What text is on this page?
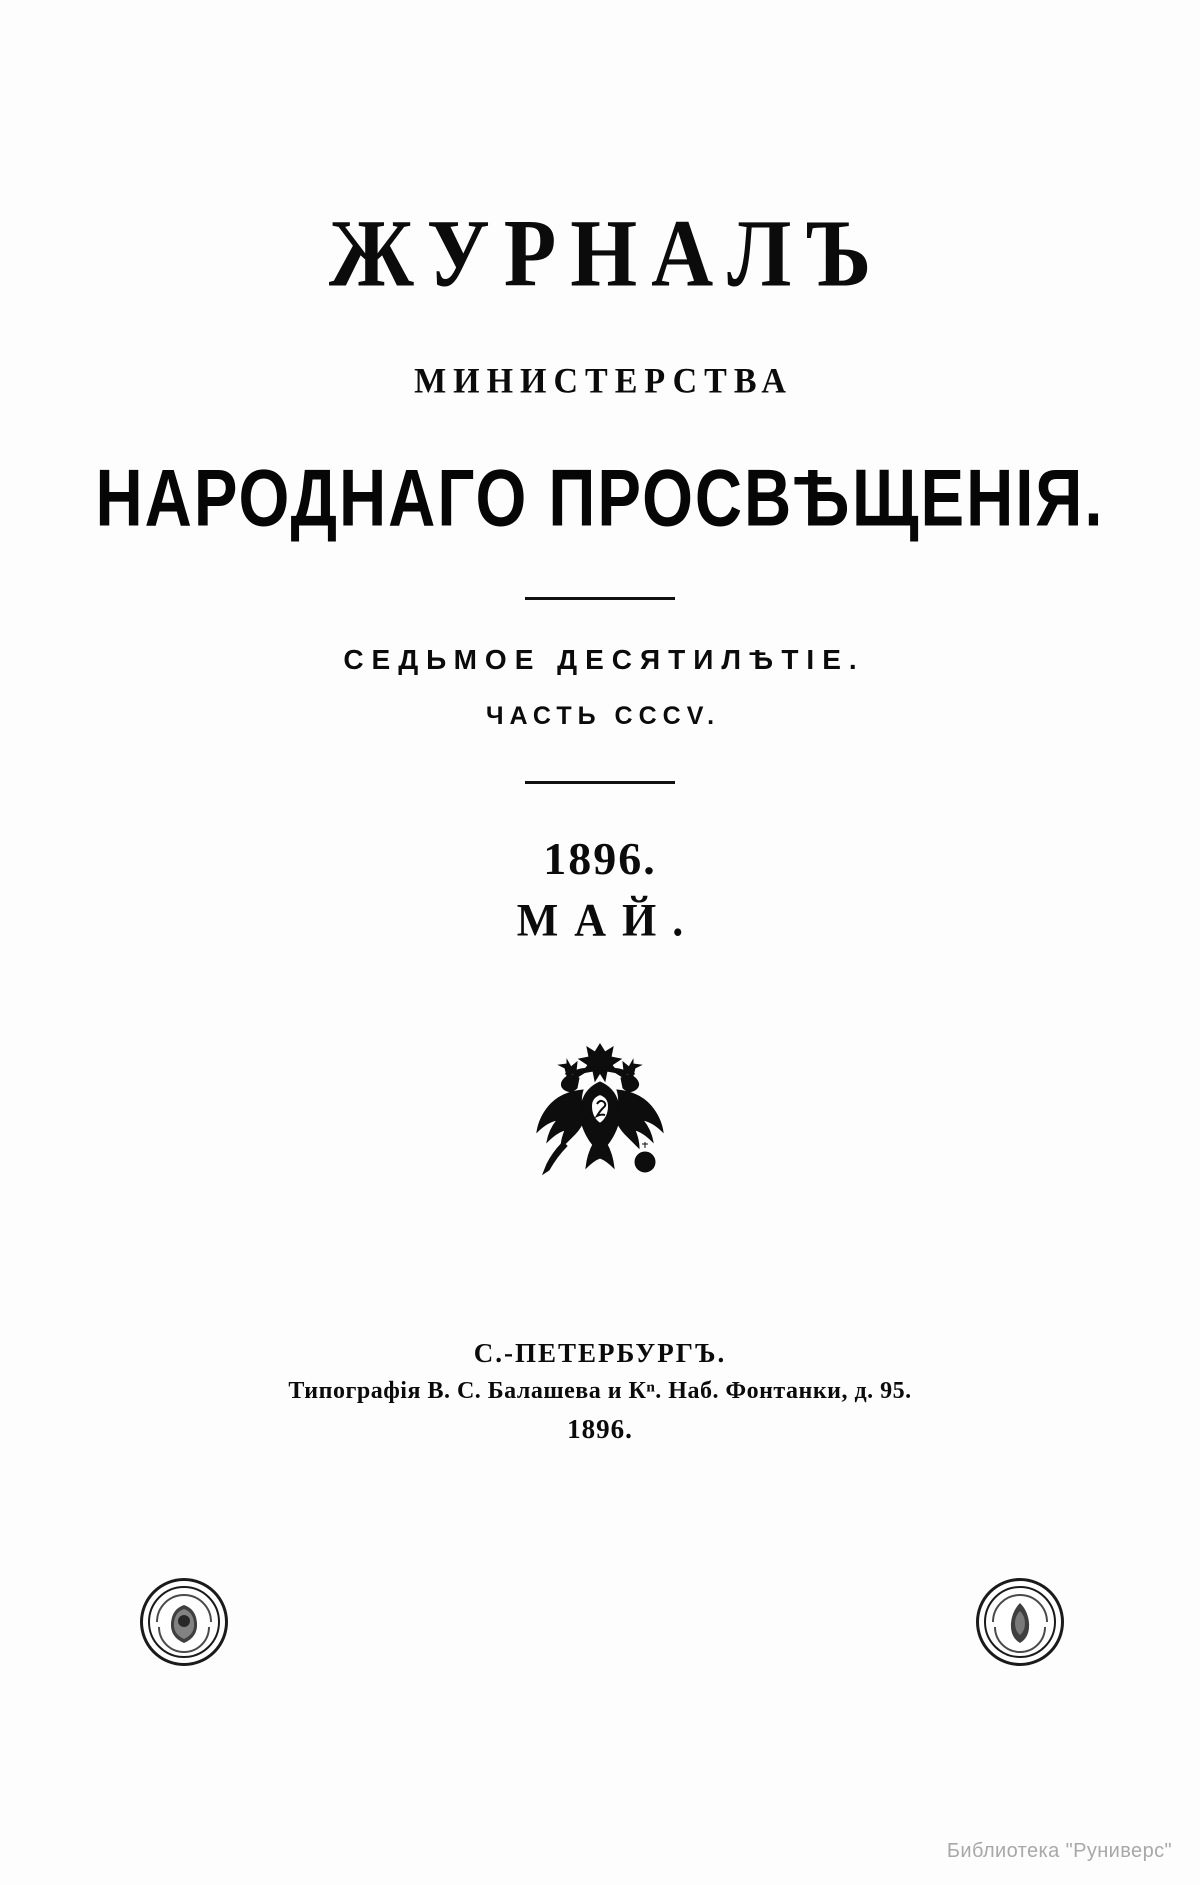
ЖУРНАЛЪ
МИНИСТЕРСТВА
НАРОДНАГО ПРОСВѢЩЕНІЯ.
СЕДЬМОЕ ДЕСЯТИЛѢТІЕ.
ЧАСТЬ CCCV.
1896.
МАЙ.
С.-ПЕТЕРБУРГЪ.
Типографія В. С. Балашева и Кⁿ. Наб. Фонтанки, д. 95.
1896.
Библиотека "Руниверс"
